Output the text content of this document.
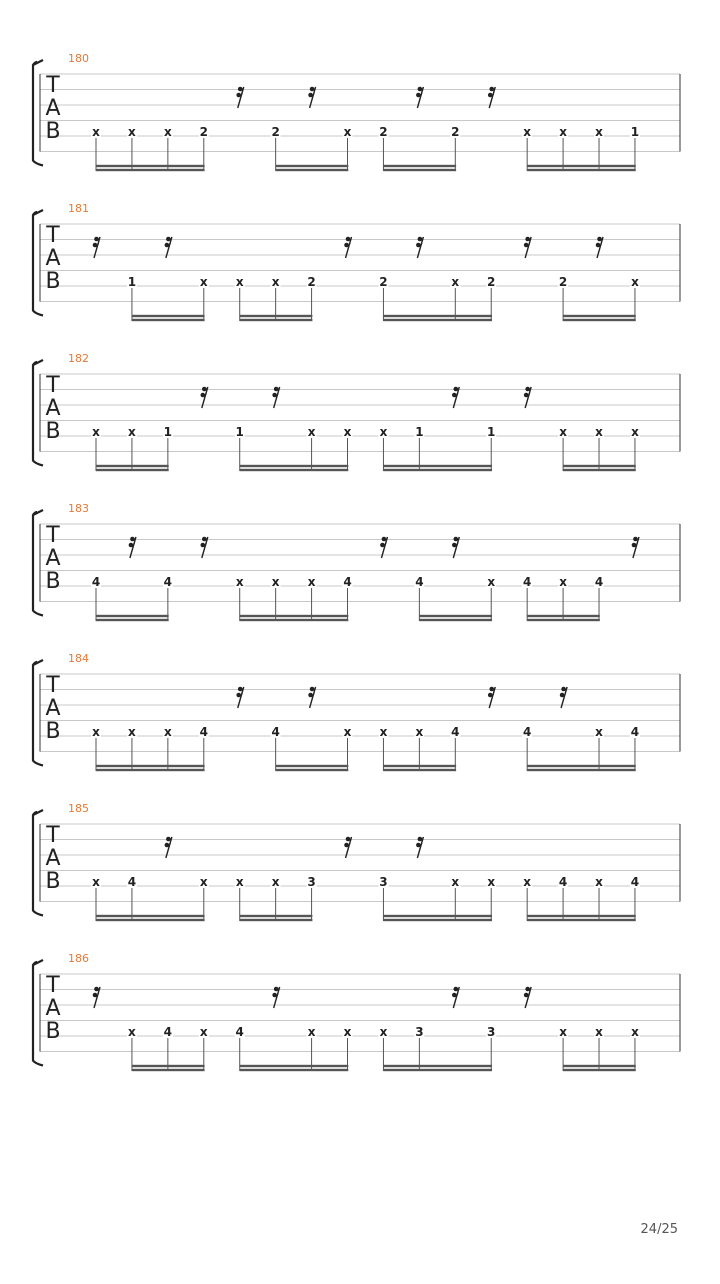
180
T
A
B	x x x 2	2	x 2	2	x x x 1
181
T
A
B	1	x x x 2	2	x 2	2	x
182
T
A
B	x x 1	1	x x x 1	1	x x x
183
T
A
B	4	4	x x x 4	4	x 4 x 4
184
T
A
B	x x x 4	4	x x x 4	4	x 4
185
T
A
B	x 4	x x x 3	3	x x x 4 x 4
186
T
A
B	x 4 x 4	x x x 3	3	x x x
24/25
